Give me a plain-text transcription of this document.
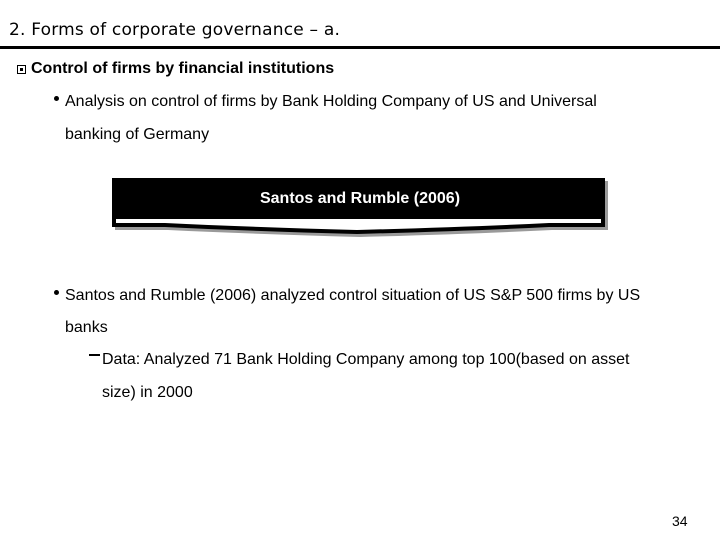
2. Forms of corporate governance – a.
Control of firms by financial institutions
Analysis on control of firms by Bank Holding Company of US and Universal
banking of Germany
Santos and Rumble (2006)
Santos and Rumble (2006) analyzed control situation of US S&P 500 firms by US
banks
Data: Analyzed 71 Bank Holding Company among top 100(based on asset
size) in 2000
34
